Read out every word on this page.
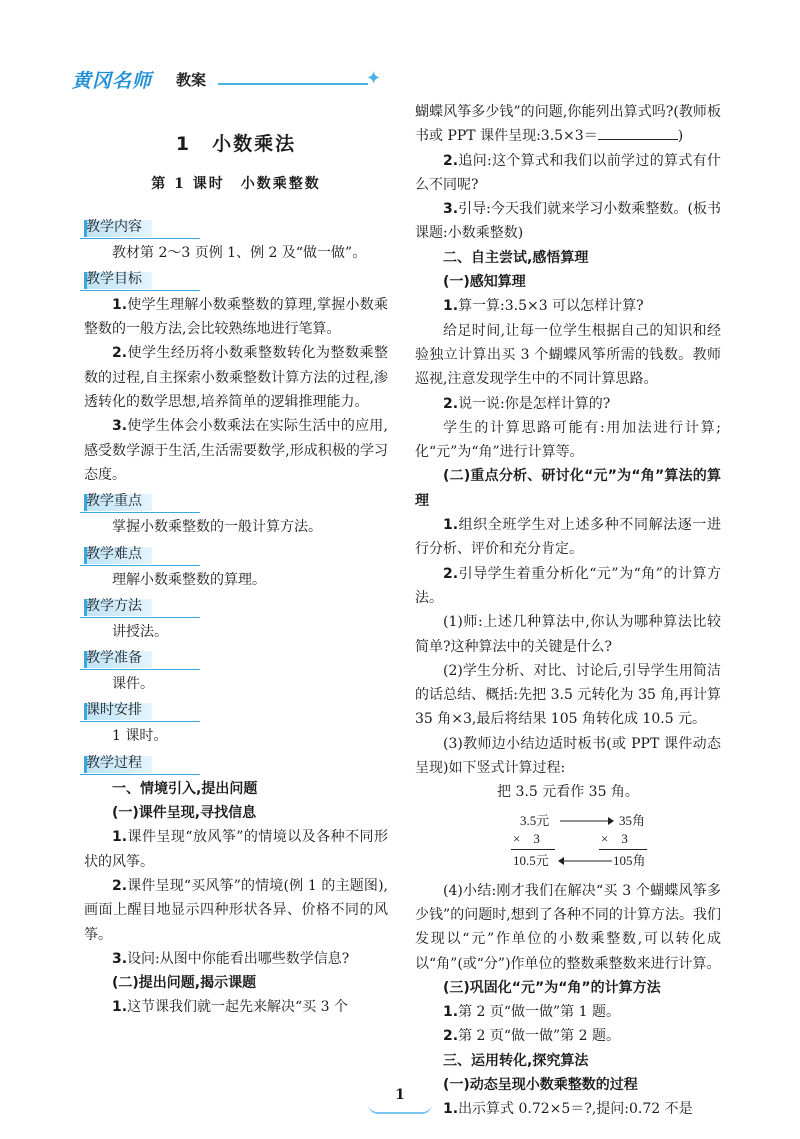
黄冈名师 教案	✦

1　小数乘法

第 1 课时　小数乘整数

教学内容

教材第 2～3 页例 1、例 2 及“做一做”。

教学目标

1.使学生理解小数乘整数的算理,掌握小数乘整数的一般方法,会比较熟练地进行笔算。

2.使学生经历将小数乘整数转化为整数乘整数的过程,自主探索小数乘整数计算方法的过程,渗透转化的数学思想,培养简单的逻辑推理能力。

3.使学生体会小数乘法在实际生活中的应用,感受数学源于生活,生活需要数学,形成积极的学习态度。

教学重点

掌握小数乘整数的一般计算方法。

教学难点

理解小数乘整数的算理。

教学方法

讲授法。

教学准备

课件。

课时安排

1 课时。

教学过程

一、情境引入,提出问题

(一)课件呈现,寻找信息

1.课件呈现“放风筝”的情境以及各种不同形状的风筝。

2.课件呈现“买风筝”的情境(例 1 的主题图),画面上醒目地显示四种形状各异、价格不同的风筝。

3.设问:从图中你能看出哪些数学信息?

(二)提出问题,揭示课题

1.这节课我们就一起先来解决“买 3 个

蝴蝶风筝多少钱”的问题,你能列出算式吗?(教师板书或 PPT 课件呈现:3.5×3＝	)

2.追问:这个算式和我们以前学过的算式有什么不同呢?

3.引导:今天我们就来学习小数乘整数。(板书课题:小数乘整数)

二、自主尝试,感悟算理

(一)感知算理

1.算一算:3.5×3 可以怎样计算?

给足时间,让每一位学生根据自己的知识和经验独立计算出买 3 个蝴蝶风筝所需的钱数。教师巡视,注意发现学生中的不同计算思路。

2.说一说:你是怎样计算的?

学生的计算思路可能有:用加法进行计算;化“元”为“角”进行计算等。

(二)重点分析、研讨化“元”为“角”算法的算理

1.组织全班学生对上述多种不同解法逐一进行分析、评价和充分肯定。

2.引导学生着重分析化“元”为“角”的计算方法。

(1)师:上述几种算法中,你认为哪种算法比较简单?这种算法中的关键是什么?

(2)学生分析、对比、讨论后,引导学生用简洁的话总结、概括:先把 3.5 元转化为 35 角,再计算 35 角×3,最后将结果 105 角转化成 10.5 元。

(3)教师边小结边适时板书(或 PPT 课件动态呈现)如下竖式计算过程:

把 3.5 元看作 35 角。

3.5元
×　3
10.5元
35角
×　3
105角

(4)小结:刚才我们在解决“买 3 个蝴蝶风筝多少钱”的问题时,想到了各种不同的计算方法。我们发现以“元”作单位的小数乘整数,可以转化成以“角”(或“分”)作单位的整数乘整数来进行计算。

(三)巩固化“元”为“角”的计算方法

1.第 2 页“做一做”第 1 题。

2.第 2 页“做一做”第 2 题。

三、运用转化,探究算法

(一)动态呈现小数乘整数的过程

1.出示算式 0.72×5＝?,提问:0.72 不是

1
